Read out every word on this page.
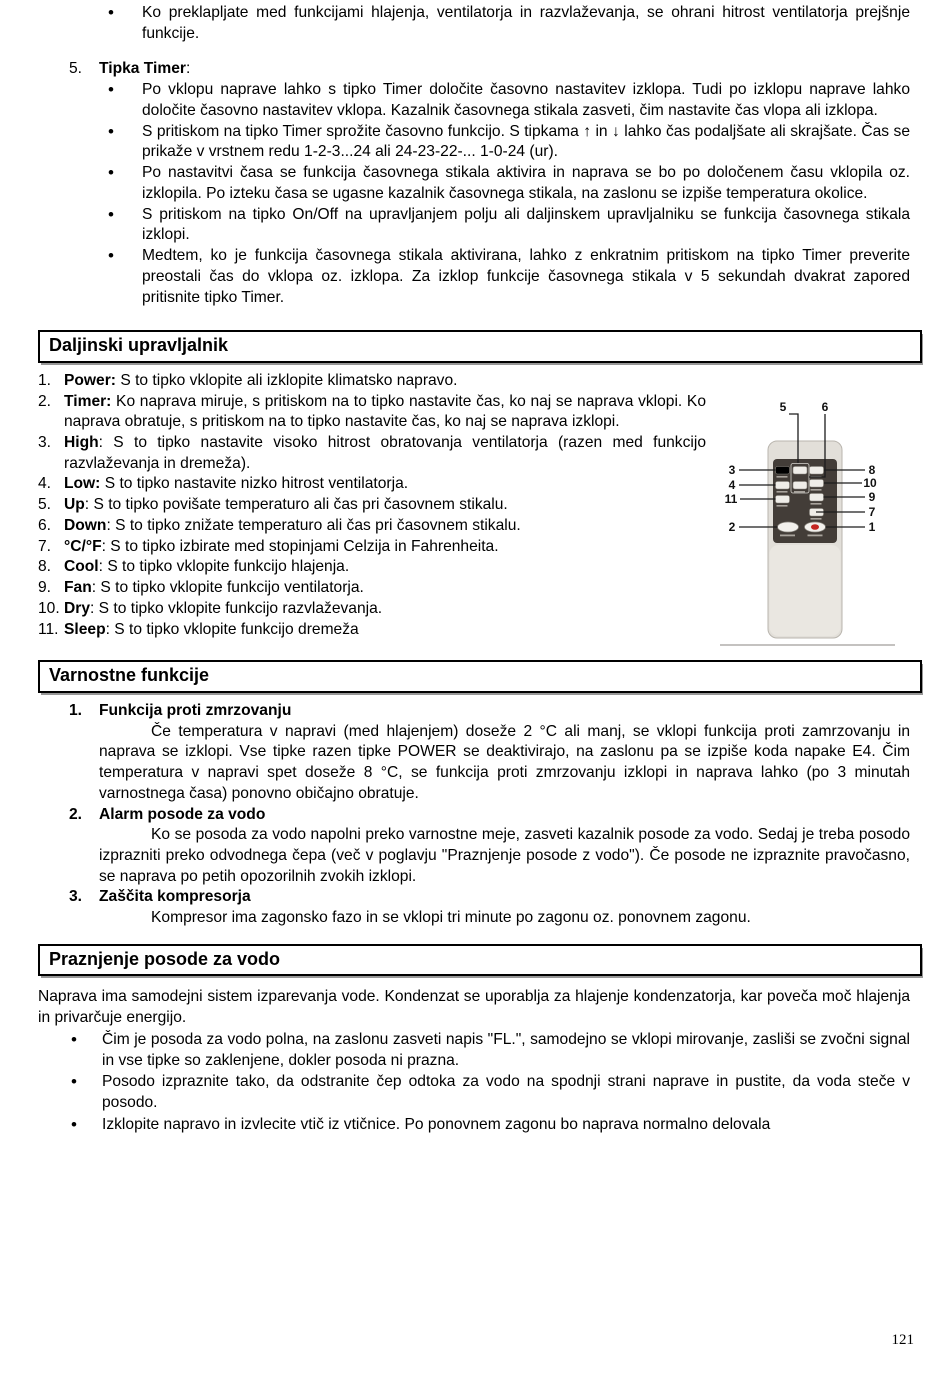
• Ko preklapljate med funkcijami hlajenja, ventilatorja in razvlaževanja, se ohrani hitrost ventilatorja prejšnje funkcije.
5.	Tipka Timer:
• Po vklopu naprave lahko s tipko Timer določite časovno nastavitev izklopa. Tudi po izklopu naprave lahko določite časovno nastavitev vklopa. Kazalnik časovnega stikala zasveti, čim nastavite čas vlopa ali izklopa.
• S pritiskom na tipko Timer sprožite časovno funkcijo. S tipkama ↑ in ↓ lahko čas podaljšate ali skrajšate. Čas se prikaže v vrstnem redu 1-2-3...24 ali 24-23-22-... 1-0-24 (ur).
• Po nastavitvi časa se funkcija časovnega stikala aktivira in naprava se bo po določenem času vklopila oz. izklopila. Po izteku časa se ugasne kazalnik časovnega stikala, na zaslonu se izpiše temperatura okolice.
• S pritiskom na tipko On/Off na upravljanjem polju ali daljinskem upravljalniku se funkcija časovnega stikala izklopi.
• Medtem, ko je funkcija časovnega stikala aktivirana, lahko z enkratnim pritiskom na tipko Timer preverite preostali čas do vklopa oz. izklopa. Za izklop funkcije časovnega stikala v 5 sekundah dvakrat zapored pritisnite tipko Timer.
Daljinski upravljalnik
1. Power: S to tipko vklopite ali izklopite klimatsko napravo.
2. Timer: Ko naprava miruje, s pritiskom na to tipko nastavite čas, ko naj se naprava vklopi. Ko naprava obratuje, s pritiskom na to tipko nastavite čas, ko naj se naprava izklopi.
3. High: S to tipko nastavite visoko hitrost obratovanja ventilatorja (razen med funkcijo razvlaževanja in dremeža).
4. Low: S to tipko nastavite nizko hitrost ventilatorja.
5. Up: S to tipko povišate temperaturo ali čas pri časovnem stikalu.
6. Down: S to tipko znižate temperaturo ali čas pri časovnem stikalu.
7. °C/°F: S to tipko izbirate med stopinjami Celzija in Fahrenheita.
8. Cool: S to tipko vklopite funkcijo hlajenja.
9. Fan: S to tipko vklopite funkcijo ventilatorja.
10. Dry: S to tipko vklopite funkcijo razvlaževanja.
11. Sleep: S to tipko vklopite funkcijo dremeža
5	6
3
4
11
2
8
10
9
7
1
Varnostne funkcije
1.	Funkcija proti zmrzovanju
Če temperatura v napravi (med hlajenjem) doseže 2 °C ali manj, se vklopi funkcija proti zamrzovanju in naprava se izklopi. Vse tipke razen tipke POWER se deaktivirajo, na zaslonu pa se izpiše koda napake E4. Čim temperatura v napravi spet doseže 8 °C, se funkcija proti zmrzovanju izklopi in naprava lahko (po 3 minutah varnostnega časa) ponovno običajno obratuje.
2.	Alarm posode za vodo
Ko se posoda za vodo napolni preko varnostne meje, zasveti kazalnik posode za vodo. Sedaj je treba posodo izprazniti preko odvodnega čepa (več v poglavju "Praznjenje posode z vodo"). Če posode ne izpraznite pravočasno, se naprava po petih opozorilnih zvokih izklopi.
3.	Zaščita kompresorja
Kompresor ima zagonsko fazo in se vklopi tri minute po zagonu oz. ponovnem zagonu.
Praznjenje posode za vodo
Naprava ima samodejni sistem izparevanja vode. Kondenzat se uporablja za hlajenje kondenzatorja, kar poveča moč hlajenja in privarčuje energijo.
• Čim je posoda za vodo polna, na zaslonu zasveti napis "FL.", samodejno se vklopi mirovanje, zasliši se zvočni signal in vse tipke so zaklenjene, dokler posoda ni prazna.
• Posodo izpraznite tako, da odstranite čep odtoka za vodo na spodnji strani naprave in pustite, da voda steče v posodo.
• Izklopite napravo in izvlecite vtič iz vtičnice. Po ponovnem zagonu bo naprava normalno delovala
121
